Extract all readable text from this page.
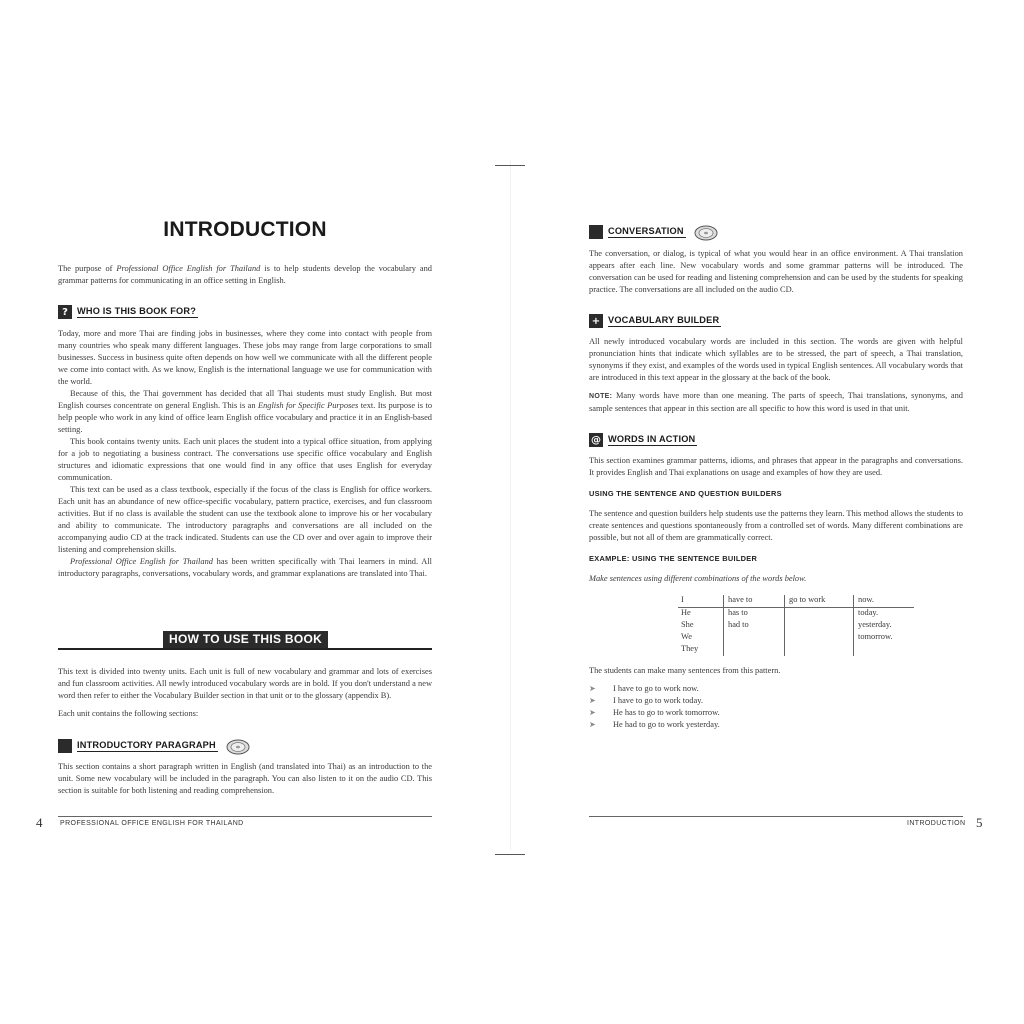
INTRODUCTION

The purpose of Professional Office English for Thailand is to help students develop the vocabulary and grammar patterns for communicating in an office setting in English.

? WHO IS THIS BOOK FOR?

Today, more and more Thai are finding jobs in businesses, where they come into contact with people from many countries who speak many different languages. These jobs may range from large corporations to small businesses. Success in business quite often depends on how well we communicate with all the different people we come into contact with. As we know, English is the international language we use for communication with the world.

Because of this, the Thai government has decided that all Thai students must study English. But most English courses concentrate on general English. This is an English for Specific Purposes text. Its purpose is to help people who work in any kind of office learn English office vocabulary and practice it in an English-based setting.

This book contains twenty units. Each unit places the student into a typical office situation, from applying for a job to negotiating a business contract. The conversations use specific office vocabulary and English structures and idiomatic expressions that one would find in any office that uses English for everyday communication.

This text can be used as a class textbook, especially if the focus of the class is English for office workers. Each unit has an abundance of new office-specific vocabulary, pattern practice, exercises, and fun classroom activities. But if no class is available the student can use the textbook alone to improve his or her vocabulary and ability to communicate. The introductory paragraphs and conversations are all included on the accompanying audio CD at the track indicated. Students can use the CD over and over again to improve their listening and comprehension skills.

Professional Office English for Thailand has been written specifically with Thai learners in mind. All introductory paragraphs, conversations, vocabulary words, and grammar explanations are translated into Thai.

HOW TO USE THIS BOOK

This text is divided into twenty units. Each unit is full of new vocabulary and grammar and lots of exercises and fun classroom activities. All newly introduced vocabulary words are in bold. If you don't understand a new word then refer to either the Vocabulary Builder section in that unit or to the glossary (appendix B).

Each unit contains the following sections:

INTRODUCTORY PARAGRAPH

This section contains a short paragraph written in English (and translated into Thai) as an introduction to the unit. Some new vocabulary will be included in the paragraph. You can also listen to it on the audio CD. This section is suitable for both listening and reading comprehension.

4	PROFESSIONAL OFFICE ENGLISH FOR THAILAND
CONVERSATION

The conversation, or dialog, is typical of what you would hear in an office environment. A Thai translation appears after each line. New vocabulary words and some grammar patterns will be introduced. The conversation can be used for reading and listening comprehension and can be used by the students for speaking practice. The conversations are all included on the audio CD.

+ VOCABULARY BUILDER

All newly introduced vocabulary words are included in this section. The words are given with helpful pronunciation hints that indicate which syllables are to be stressed, the part of speech, a Thai translation, synonyms if they exist, and examples of the words used in typical English sentences. All vocabulary words that are introduced in this text appear in the glossary at the back of the book.

NOTE: Many words have more than one meaning. The parts of speech, Thai translations, synonyms, and sample sentences that appear in this section are all specific to how this word is used in that unit.

@ WORDS IN ACTION

This section examines grammar patterns, idioms, and phrases that appear in the paragraphs and conversations. It provides English and Thai explanations on usage and examples of how they are used.

USING THE SENTENCE AND QUESTION BUILDERS

The sentence and question builders help students use the patterns they learn. This method allows the students to create sentences and questions spontaneously from a controlled set of words. Many different combinations are possible, but not all of them are grammatically correct.

EXAMPLE: USING THE SENTENCE BUILDER

Make sentences using different combinations of the words below.

I	have to	go to work	now.
He	has to		today.
She	had to		yesterday.
We			tomorrow.
They			

The students can make many sentences from this pattern.

➤	I have to go to work now.
➤	I have to go to work today.
➤	He has to go to work tomorrow.
➤	He had to go to work yesterday.
INTRODUCTION 5
